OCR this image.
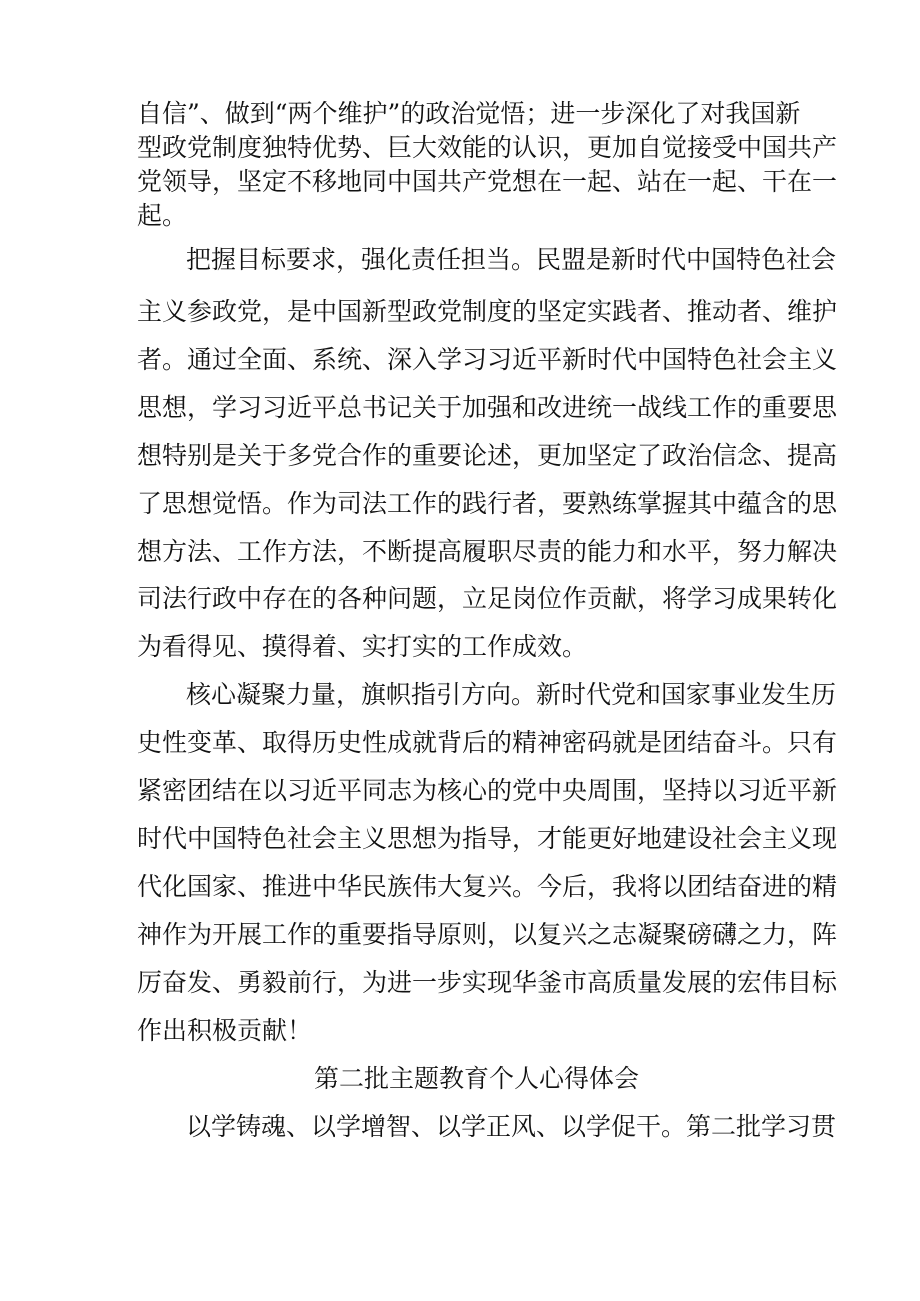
自信”、做到“两个维护”的政治觉悟；进一步深化了对我国新
型政党制度独特优势、巨大效能的认识，更加自觉接受中国共产
党领导，坚定不移地同中国共产党想在一起、站在一起、干在一
起。
把握目标要求，强化责任担当。民盟是新时代中国特色社会
主义参政党，是中国新型政党制度的坚定实践者、推动者、维护
者。通过全面、系统、深入学习习近平新时代中国特色社会主义
思想，学习习近平总书记关于加强和改进统一战线工作的重要思
想特别是关于多党合作的重要论述，更加坚定了政治信念、提高
了思想觉悟。作为司法工作的践行者，要熟练掌握其中蕴含的思
想方法、工作方法，不断提高履职尽责的能力和水平，努力解决
司法行政中存在的各种问题，立足岗位作贡献，将学习成果转化
为看得见、摸得着、实打实的工作成效。
核心凝聚力量，旗帜指引方向。新时代党和国家事业发生历
史性变革、取得历史性成就背后的精神密码就是团结奋斗。只有
紧密团结在以习近平同志为核心的党中央周围，坚持以习近平新
时代中国特色社会主义思想为指导，才能更好地建设社会主义现
代化国家、推进中华民族伟大复兴。今后，我将以团结奋进的精
神作为开展工作的重要指导原则，以复兴之志凝聚磅礴之力，阵
厉奋发、勇毅前行，为进一步实现华釜市高质量发展的宏伟目标
作出积极贡献！
第二批主题教育个人心得体会
以学铸魂、以学增智、以学正风、以学促干。第二批学习贯
